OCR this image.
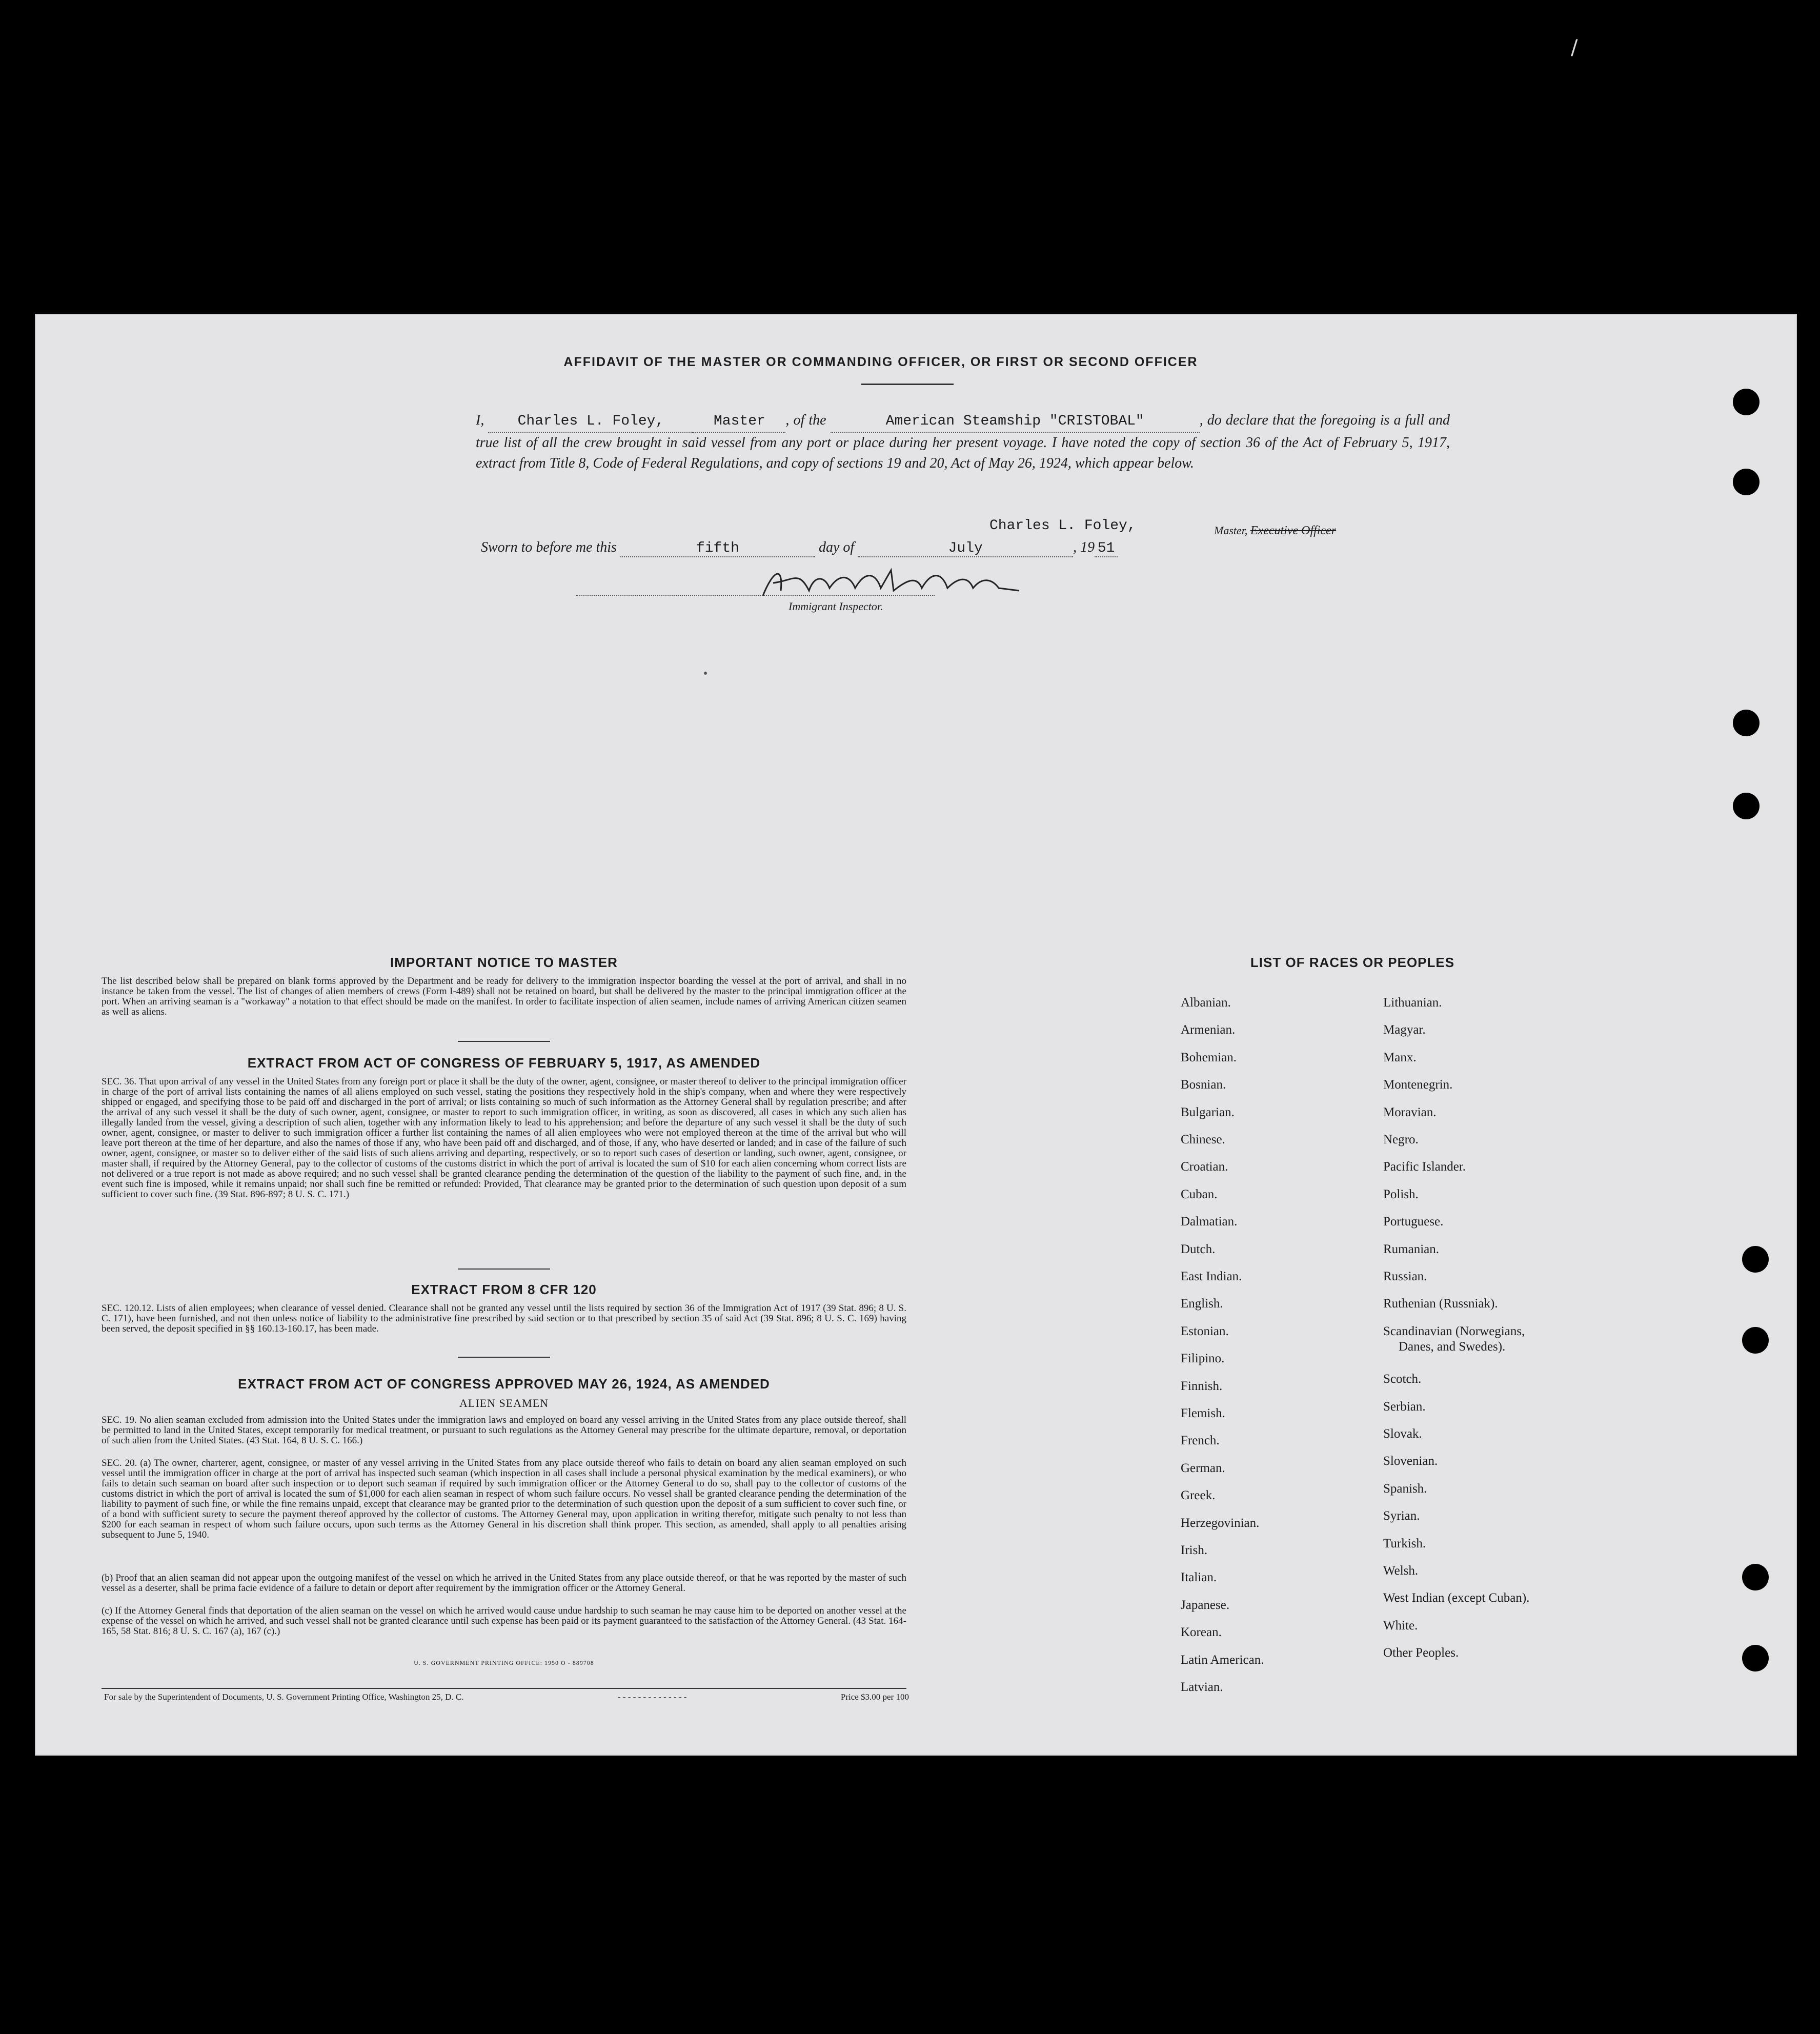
/
AFFIDAVIT OF THE MASTER OR COMMANDING OFFICER, OR FIRST OR SECOND OFFICER
I, Charles L. Foley,	Master , of the	American Steamship "CRISTOBAL"	, do declare that the foregoing is a full and true list of all the crew brought in said vessel from any port or place during her present voyage. I have noted the copy of section 36 of the Act of February 5, 1917, extract from Title 8, Code of Federal Regulations, and copy of sections 19 and 20, Act of May 26, 1924, which appear below.
Charles L. Foley,	Master, Executive Officer
Sworn to before me this	fifth	day of	July	, 19 51
Harold Rand
Immigrant Inspector.
IMPORTANT NOTICE TO MASTER
The list described below shall be prepared on blank forms approved by the Department and be ready for delivery to the immigration inspector boarding the vessel at the port of arrival, and shall in no instance be taken from the vessel. The list of changes of alien members of crews (Form I-489) shall not be retained on board, but shall be delivered by the master to the principal immigration officer at the port. When an arriving seaman is a "workaway" a notation to that effect should be made on the manifest. In order to facilitate inspection of alien seamen, include names of arriving American citizen seamen as well as aliens.
EXTRACT FROM ACT OF CONGRESS OF FEBRUARY 5, 1917, AS AMENDED
SEC. 36. That upon arrival of any vessel in the United States from any foreign port or place it shall be the duty of the owner, agent, consignee, or master thereof to deliver to the principal immigration officer in charge of the port of arrival lists containing the names of all aliens employed on such vessel, stating the positions they respectively hold in the ship's company, when and where they were respectively shipped or engaged, and specifying those to be paid off and discharged in the port of arrival; or lists containing so much of such information as the Attorney General shall by regulation prescribe; and after the arrival of any such vessel it shall be the duty of such owner, agent, consignee, or master to report to such immigration officer, in writing, as soon as discovered, all cases in which any such alien has illegally landed from the vessel, giving a description of such alien, together with any information likely to lead to his apprehension; and before the departure of any such vessel it shall be the duty of such owner, agent, consignee, or master to deliver to such immigration officer a further list containing the names of all alien employees who were not employed thereon at the time of the arrival but who will leave port thereon at the time of her departure, and also the names of those if any, who have been paid off and discharged, and of those, if any, who have deserted or landed; and in case of the failure of such owner, agent, consignee, or master so to deliver either of the said lists of such aliens arriving and departing, respectively, or so to report such cases of desertion or landing, such owner, agent, consignee, or master shall, if required by the Attorney General, pay to the collector of customs of the customs district in which the port of arrival is located the sum of $10 for each alien concerning whom correct lists are not delivered or a true report is not made as above required; and no such vessel shall be granted clearance pending the determination of the question of the liability to the payment of such fine, and, in the event such fine is imposed, while it remains unpaid; nor shall such fine be remitted or refunded: Provided, That clearance may be granted prior to the determination of such question upon deposit of a sum sufficient to cover such fine. (39 Stat. 896-897; 8 U. S. C. 171.)
EXTRACT FROM 8 CFR 120
SEC. 120.12. Lists of alien employees; when clearance of vessel denied. Clearance shall not be granted any vessel until the lists required by section 36 of the Immigration Act of 1917 (39 Stat. 896; 8 U. S. C. 171), have been furnished, and not then unless notice of liability to the administrative fine prescribed by said section or to that prescribed by section 35 of said Act (39 Stat. 896; 8 U. S. C. 169) having been served, the deposit specified in §§ 160.13-160.17, has been made.
EXTRACT FROM ACT OF CONGRESS APPROVED MAY 26, 1924, AS AMENDED
ALIEN SEAMEN
SEC. 19. No alien seaman excluded from admission into the United States under the immigration laws and employed on board any vessel arriving in the United States from any place outside thereof, shall be permitted to land in the United States, except temporarily for medical treatment, or pursuant to such regulations as the Attorney General may prescribe for the ultimate departure, removal, or deportation of such alien from the United States. (43 Stat. 164, 8 U. S. C. 166.)
SEC. 20. (a) The owner, charterer, agent, consignee, or master of any vessel arriving in the United States from any place outside thereof who fails to detain on board any alien seaman employed on such vessel until the immigration officer in charge at the port of arrival has inspected such seaman (which inspection in all cases shall include a personal physical examination by the medical examiners), or who fails to detain such seaman on board after such inspection or to deport such seaman if required by such immigration officer or the Attorney General to do so, shall pay to the collector of customs of the customs district in which the port of arrival is located the sum of $1,000 for each alien seaman in respect of whom such failure occurs. No vessel shall be granted clearance pending the determination of the liability to payment of such fine, or while the fine remains unpaid, except that clearance may be granted prior to the determination of such question upon the deposit of a sum sufficient to cover such fine, or of a bond with sufficient surety to secure the payment thereof approved by the collector of customs. The Attorney General may, upon application in writing therefor, mitigate such penalty to not less than $200 for each seaman in respect of whom such failure occurs, upon such terms as the Attorney General in his discretion shall think proper. This section, as amended, shall apply to all penalties arising subsequent to June 5, 1940.
(b) Proof that an alien seaman did not appear upon the outgoing manifest of the vessel on which he arrived in the United States from any place outside thereof, or that he was reported by the master of such vessel as a deserter, shall be prima facie evidence of a failure to detain or deport after requirement by the immigration officer or the Attorney General.
(c) If the Attorney General finds that deportation of the alien seaman on the vessel on which he arrived would cause undue hardship to such seaman he may cause him to be deported on another vessel at the expense of the vessel on which he arrived, and such vessel shall not be granted clearance until such expense has been paid or its payment guaranteed to the satisfaction of the Attorney General. (43 Stat. 164-165, 58 Stat. 816; 8 U. S. C. 167 (a), 167 (c).)
U. S. GOVERNMENT PRINTING OFFICE: 1950 O - 889708
For sale by the Superintendent of Documents, U. S. Government Printing Office, Washington 25, D. C.	- - - - - - - - - - - - - -	Price $3.00 per 100
LIST OF RACES OR PEOPLES
Albanian.
Armenian.
Bohemian.
Bosnian.
Bulgarian.
Chinese.
Croatian.
Cuban.
Dalmatian.
Dutch.
East Indian.
English.
Estonian.
Filipino.
Finnish.
Flemish.
French.
German.
Greek.
Herzegovinian.
Irish.
Italian.
Japanese.
Korean.
Latin American.
Latvian.
Lithuanian.
Magyar.
Manx.
Montenegrin.
Moravian.
Negro.
Pacific Islander.
Polish.
Portuguese.
Rumanian.
Russian.
Ruthenian (Russniak).
Scandinavian (Norwegians,
Danes, and Swedes).
Scotch.
Serbian.
Slovak.
Slovenian.
Spanish.
Syrian.
Turkish.
Welsh.
West Indian (except Cuban).
White.
Other Peoples.
